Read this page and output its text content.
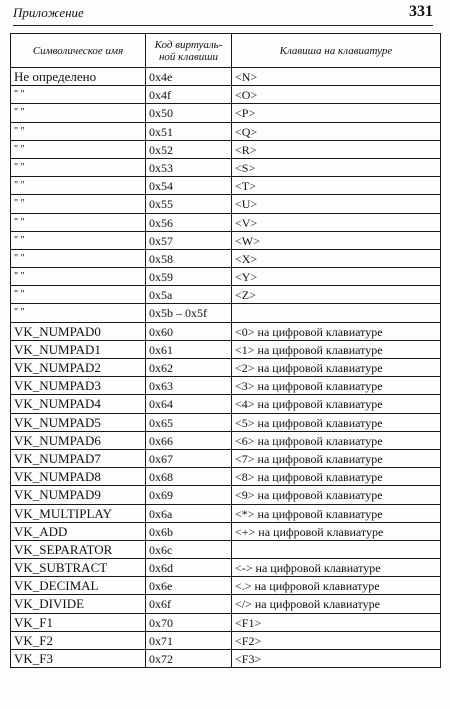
Приложение	331
Символическое имя	Код виртуаль-ной клавиши	Клавиша на клавиатуре
Не определено	0x4e	<N>
" "	0x4f	<O>
" "	0x50	<P>
" "	0x51	<Q>
" "	0x52	<R>
" "	0x53	<S>
" "	0x54	<T>
" "	0x55	<U>
" "	0x56	<V>
" "	0x57	<W>
" "	0x58	<X>
" "	0x59	<Y>
" "	0x5a	<Z>
" "	0x5b – 0x5f	
VK_NUMPAD0	0x60	<0> на цифровой клавиатуре
VK_NUMPAD1	0x61	<1> на цифровой клавиатуре
VK_NUMPAD2	0x62	<2> на цифровой клавиатуре
VK_NUMPAD3	0x63	<3> на цифровой клавиатуре
VK_NUMPAD4	0x64	<4> на цифровой клавиатуре
VK_NUMPAD5	0x65	<5> на цифровой клавиатуре
VK_NUMPAD6	0x66	<6> на цифровой клавиатуре
VK_NUMPAD7	0x67	<7> на цифровой клавиатуре
VK_NUMPAD8	0x68	<8> на цифровой клавиатуре
VK_NUMPAD9	0x69	<9> на цифровой клавиатуре
VK_MULTIPLAY	0x6a	<*> на цифровой клавиатуре
VK_ADD	0x6b	<+> на цифровой клавиатуре
VK_SEPARATOR	0x6c	
VK_SUBTRACT	0x6d	<-> на цифровой клавиатуре
VK_DECIMAL	0x6e	<.> на цифровой клавиатуре
VK_DIVIDE	0x6f	</> на цифровой клавиатуре
VK_F1	0x70	<F1>
VK_F2	0x71	<F2>
VK_F3	0x72	<F3>
